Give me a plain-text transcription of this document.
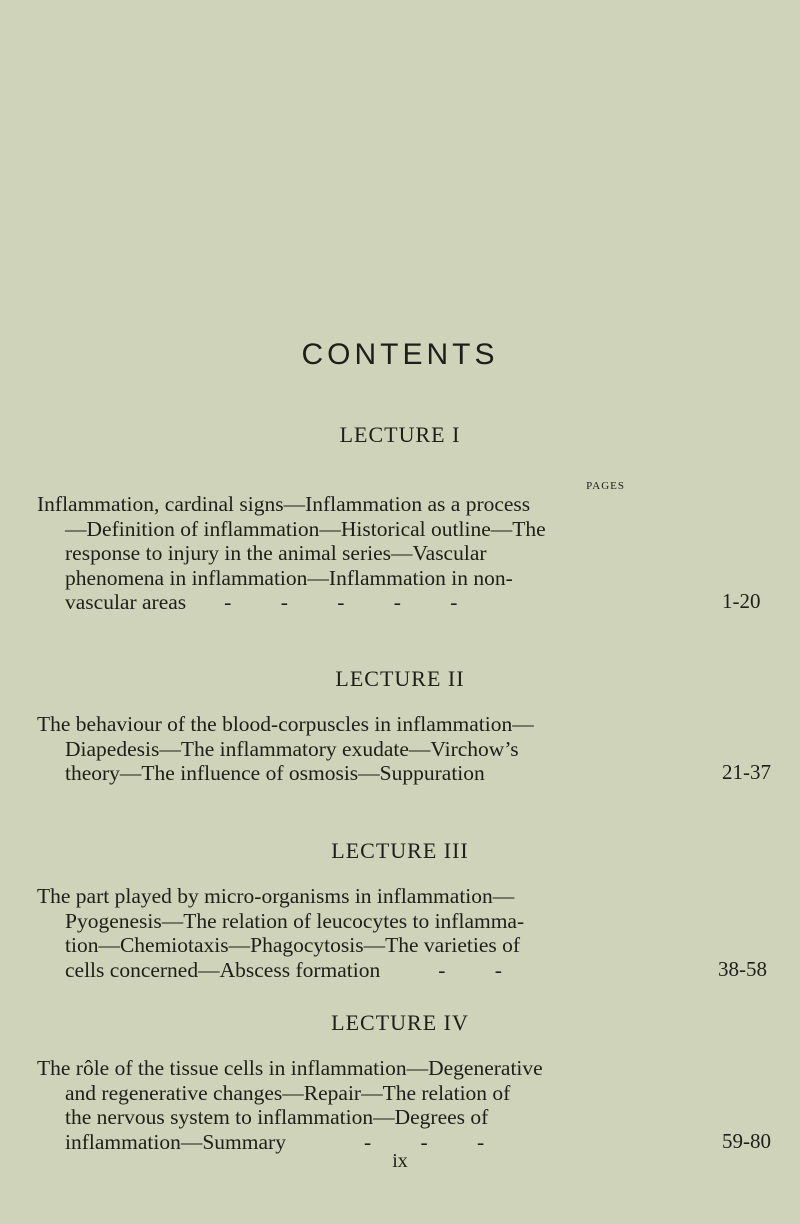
CONTENTS
LECTURE I
PAGES
Inflammation, cardinal signs—Inflammation as a process
—Definition of inflammation—Historical outline—The
response to injury in the animal series—Vascular
phenomena in inflammation—Inflammation in non-
vascular areas - - - - -	1-20
LECTURE II
The behaviour of the blood-corpuscles in inflammation—
Diapedesis—The inflammatory exudate—Virchow’s
theory—The influence of osmosis—Suppuration	21-37
LECTURE III
The part played by micro-organisms in inflammation—
Pyogenesis—The relation of leucocytes to inflamma-
tion—Chemiotaxis—Phagocytosis—The varieties of
cells concerned—Abscess formation	- -	38-58
LECTURE IV
The rôle of the tissue cells in inflammation—Degenerative
and regenerative changes—Repair—The relation of
the nervous system to inflammation—Degrees of
inflammation—Summary	- - -	59-80
ix
